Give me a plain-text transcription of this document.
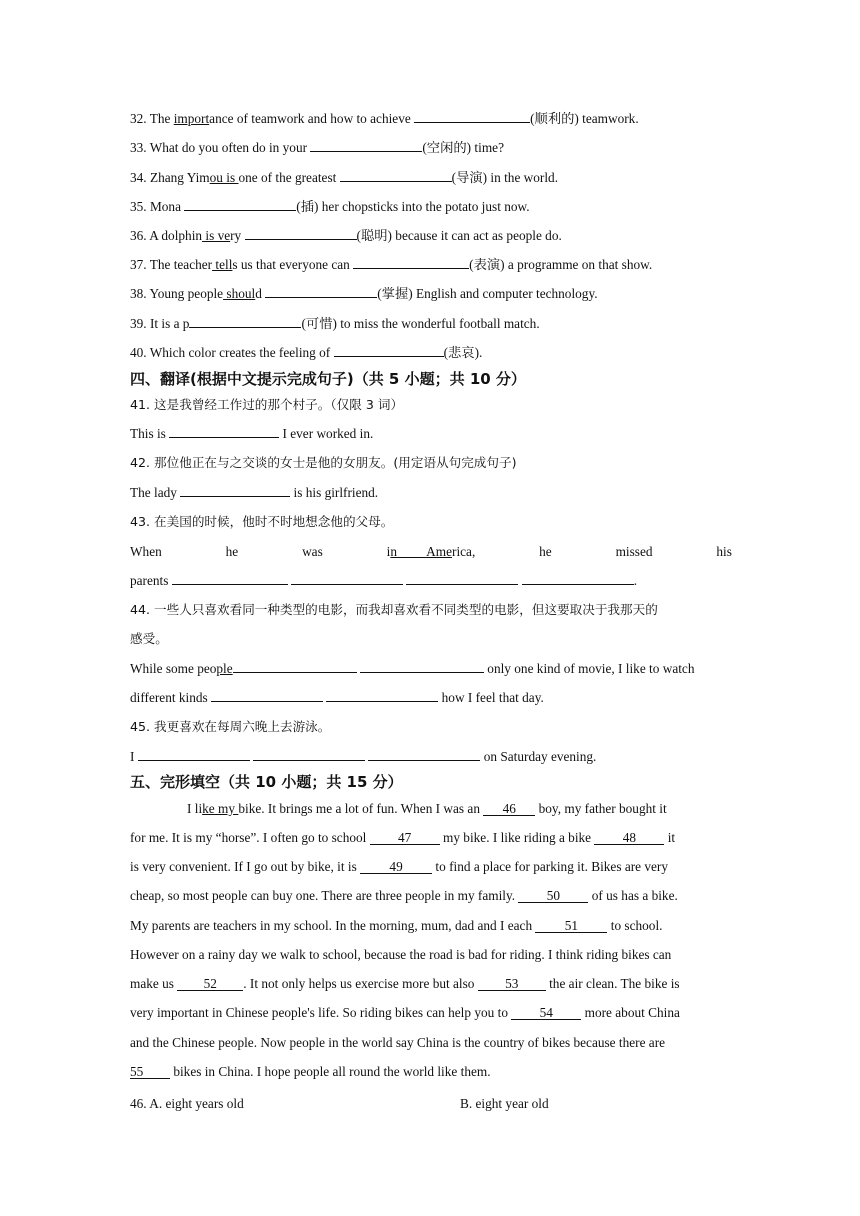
32. The importance of teamwork and how to achieve	(顺利的) teamwork.
33. What do you often do in your	(空闲的) time?
34. Zhang Yimou is one of the greatest	(导演) in the world.
35. Mona	(插) her chopsticks into the potato just now.
36. A dolphin is very	(聪明) because it can act as people do.
37. The teacher tells us that everyone can	(表演) a programme on that show.
38. Young people should	(掌握) English and computer technology.
39. It is a p	(可惜) to miss the wonderful football match.
40. Which color creates the feeling of	(悲哀).
四、翻译(根据中文提示完成句子)（共 5 小题；共 10 分）
41. 这是我曾经工作过的那个村子。（仅限 3 词）
This is	I ever worked in.
42. 那位他正在与之交谈的女士是他的女朋友。(用定语从句完成句子)
The lady	is his girlfriend.
43. 在美国的时候，他时不时地想念他的父母。
When	he	was	in         America,	he	missed	his
parents	.
44. 一些人只喜欢看同一种类型的电影，而我却喜欢看不同类型的电影，但这要取决于我那天的
感受。
While some people	only one kind of movie, I like to watch
different kinds	how I feel that day.
45. 我更喜欢在每周六晚上去游泳。
I	on Saturday evening.
五、完形填空（共 10 小题；共 15 分）
I like my bike. It brings me a lot of fun. When I was an 46 boy, my father bought it
for me. It is my “horse”. I often go to school 47 my bike. I like riding a bike 48 it
is very convenient. If I go out by bike, it is 49 to find a place for parking it. Bikes are very
cheap, so most people can buy one. There are three people in my family. 50 of us has a bike.
My parents are teachers in my school. In the morning, mum, dad and I each 51 to school.
However on a rainy day we walk to school, because the road is bad for riding. I think riding bikes can
make us 52 . It not only helps us exercise more but also 53 the air clean. The bike is
very important in Chinese people's life. So riding bikes can help you to 54 more about China
and the Chinese people. Now people in the world say China is the country of bikes because there are
55 bikes in China. I hope people all round the world like them.
46. A. eight years old	B. eight year old
